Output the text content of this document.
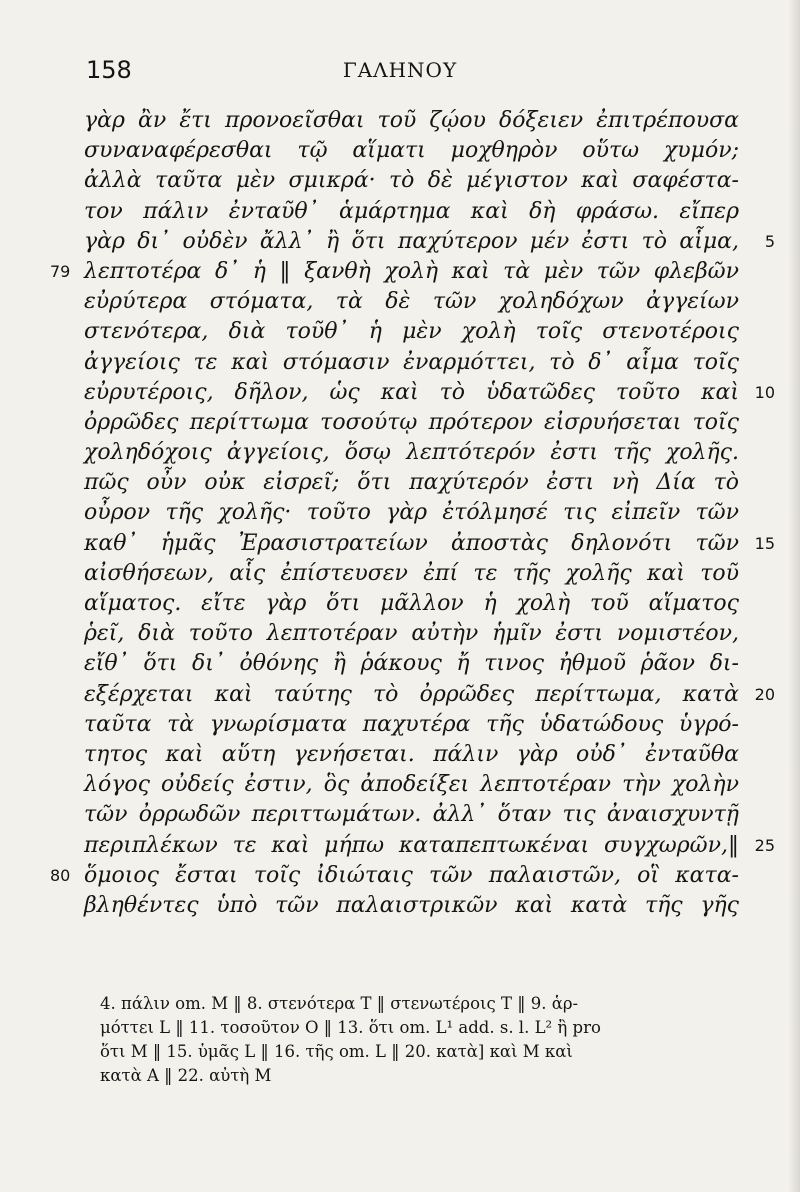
158	ΓΑΛΗΝΟΥ
γὰρ ἂν ἔτι προνοεῖσθαι τοῦ ζῴου δόξειεν ἐπιτρέπουσα
συναναφέρεσθαι τῷ αἵματι μοχθηρὸν οὕτω χυμόν;
ἀλλὰ ταῦτα μὲν σμικρά· τὸ δὲ μέγιστον καὶ σαφέστα-
τον πάλιν ἐνταῦθ᾽ ἁμάρτημα καὶ δὴ φράσω. εἴπερ
γὰρ δι᾽ οὐδὲν ἄλλ᾽ ἢ ὅτι παχύτερον μέν ἐστι τὸ αἷμα, 5
λεπτοτέρα δ᾽ ἡ ‖ ξανθὴ χολὴ καὶ τὰ μὲν τῶν φλεβῶν
79
εὐρύτερα στόματα, τὰ δὲ τῶν χοληδόχων ἀγγείων
στενότερα, διὰ τοῦθ᾽ ἡ μὲν χολὴ τοῖς στενοτέροις
ἀγγείοις τε καὶ στόμασιν ἐναρμόττει, τὸ δ᾽ αἷμα τοῖς
εὐρυτέροις, δῆλον, ὡς καὶ τὸ ὑδατῶδες τοῦτο καὶ 10
ὀρρῶδες περίττωμα τοσούτῳ πρότερον εἰσρυήσεται τοῖς
χοληδόχοις ἀγγείοις, ὅσῳ λεπτότερόν ἐστι τῆς χολῆς.
πῶς οὖν οὐκ εἰσρεῖ; ὅτι παχύτερόν ἐστι νὴ Δία τὸ
οὖρον τῆς χολῆς· τοῦτο γὰρ ἐτόλμησέ τις εἰπεῖν τῶν
καθ᾽ ἡμᾶς Ἐρασιστρατείων ἀποστὰς δηλονότι τῶν 15
αἰσθήσεων, αἷς ἐπίστευσεν ἐπί τε τῆς χολῆς καὶ τοῦ
αἵματος. εἴτε γὰρ ὅτι μᾶλλον ἡ χολὴ τοῦ αἵματος
ῥεῖ, διὰ τοῦτο λεπτοτέραν αὐτὴν ἡμῖν ἐστι νομιστέον,
εἴθ᾽ ὅτι δι᾽ ὀθόνης ἢ ῥάκους ἤ τινος ἠθμοῦ ῥᾶον δι-
εξέρχεται καὶ ταύτης τὸ ὀρρῶδες περίττωμα, κατὰ 20
ταῦτα τὰ γνωρίσματα παχυτέρα τῆς ὑδατώδους ὑγρό-
τητος καὶ αὕτη γενήσεται. πάλιν γὰρ οὐδ᾽ ἐνταῦθα
λόγος οὐδείς ἐστιν, ὃς ἀποδείξει λεπτοτέραν τὴν χολὴν
τῶν ὀρρωδῶν περιττωμάτων. ἀλλ᾽ ὅταν τις ἀναισχυντῇ
περιπλέκων τε καὶ μήπω καταπεπτωκέναι συγχωρῶν,‖ 25
ὅμοιος ἔσται τοῖς ἰδιώταις τῶν παλαιστῶν, οἳ κατα-
80
βληθέντες ὑπὸ τῶν παλαιστρικῶν καὶ κατὰ τῆς γῆς
4. πάλιν om. M ‖ 8. στενότερα T ‖ στενωτέροις T ‖ 9. ἁρ-
μόττει L ‖ 11. τοσοῦτον O ‖ 13. ὅτι om. L¹ add. s. l. L² ἢ pro
ὅτι M ‖ 15. ὑμᾶς L ‖ 16. τῆς om. L ‖ 20. κατὰ] καὶ M καὶ
κατὰ A ‖ 22. αὐτὴ M
